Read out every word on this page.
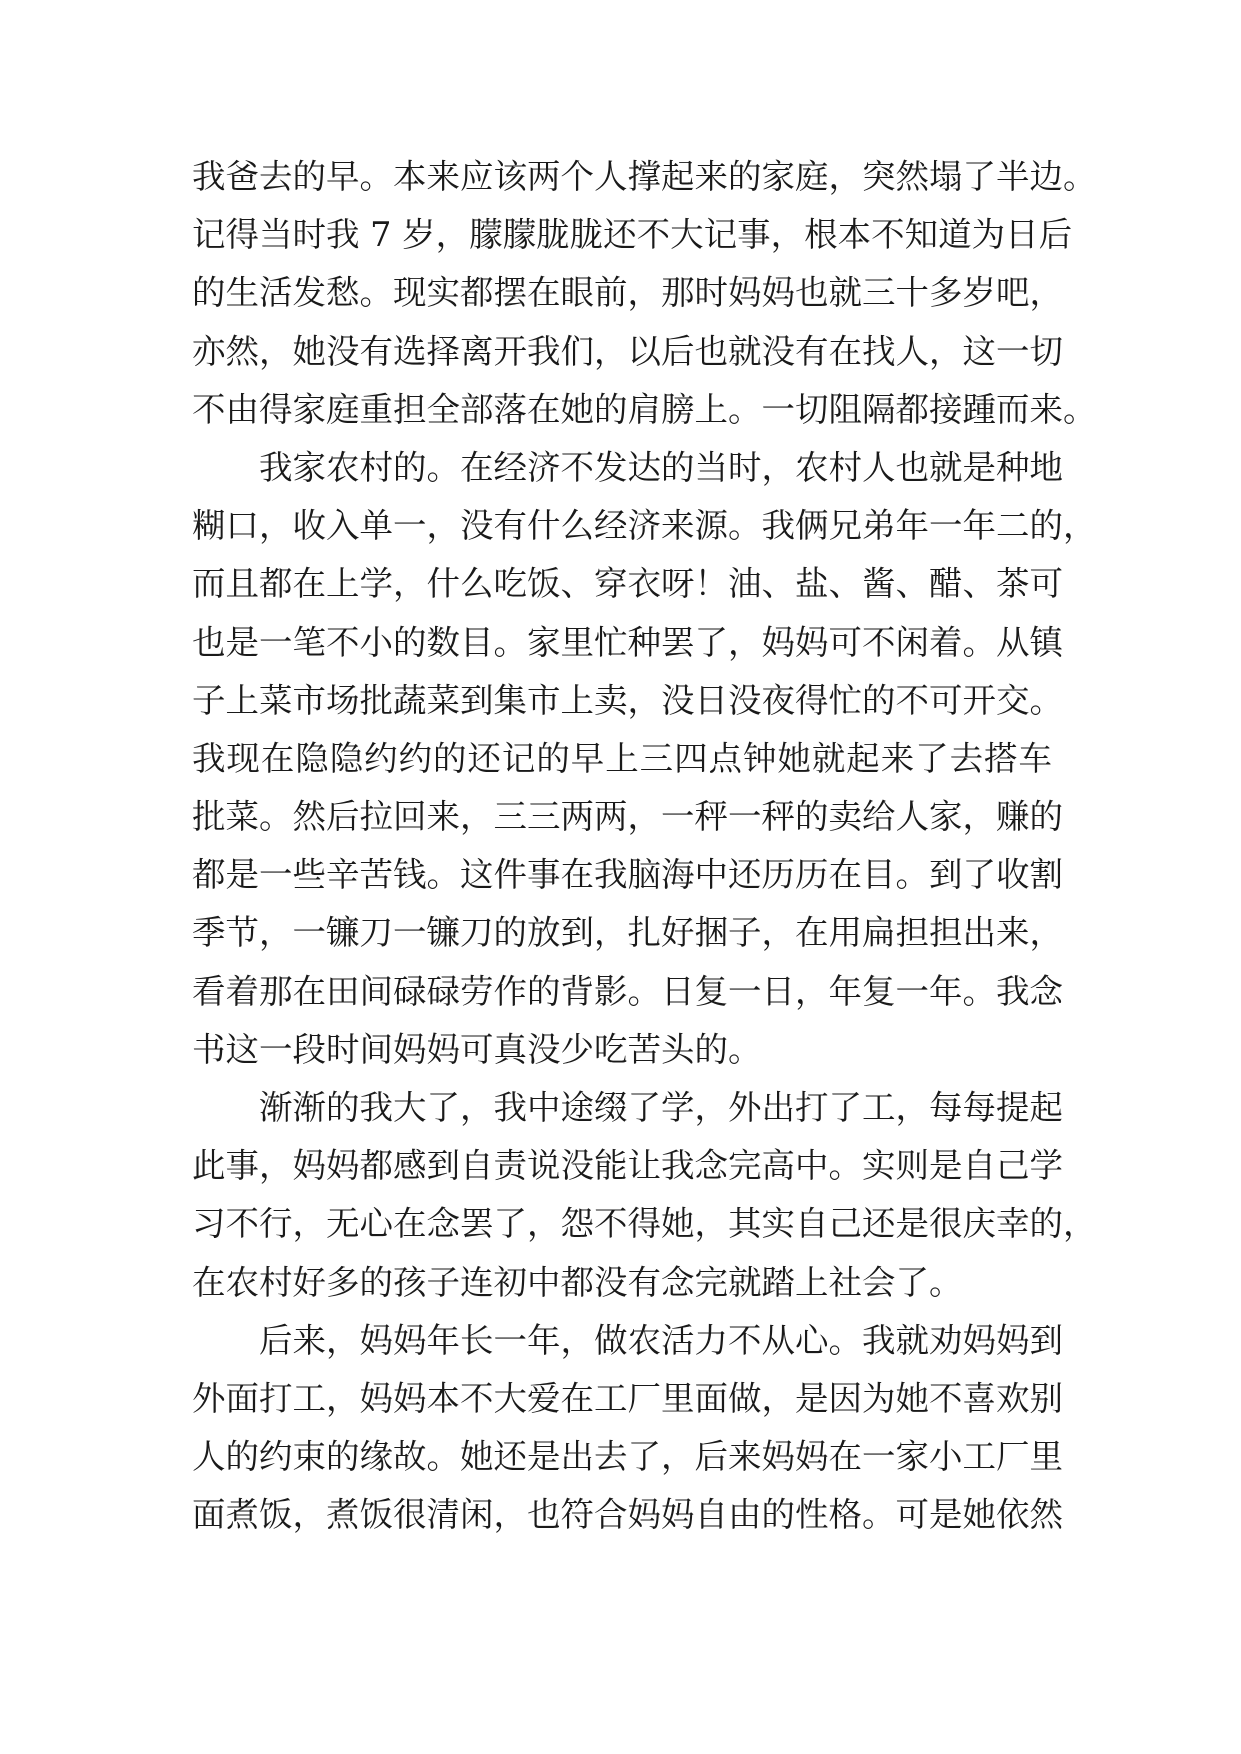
我爸去的早。本来应该两个人撑起来的家庭，突然塌了半边。
记得当时我 7 岁，朦朦胧胧还不大记事，根本不知道为日后
的生活发愁。现实都摆在眼前，那时妈妈也就三十多岁吧，
亦然，她没有选择离开我们，以后也就没有在找人，这一切
不由得家庭重担全部落在她的肩膀上。一切阻隔都接踵而来。
我家农村的。在经济不发达的当时，农村人也就是种地
糊口，收入单一，没有什么经济来源。我俩兄弟年一年二的，
而且都在上学，什么吃饭、穿衣呀！油、盐、酱、醋、茶可
也是一笔不小的数目。家里忙种罢了，妈妈可不闲着。从镇
子上菜市场批蔬菜到集市上卖，没日没夜得忙的不可开交。
我现在隐隐约约的还记的早上三四点钟她就起来了去搭车
批菜。然后拉回来，三三两两，一秤一秤的卖给人家，赚的
都是一些辛苦钱。这件事在我脑海中还历历在目。到了收割
季节，一镰刀一镰刀的放到，扎好捆子，在用扁担担出来，
看着那在田间碌碌劳作的背影。日复一日，年复一年。我念
书这一段时间妈妈可真没少吃苦头的。
渐渐的我大了，我中途缀了学，外出打了工，每每提起
此事，妈妈都感到自责说没能让我念完高中。实则是自己学
习不行，无心在念罢了，怨不得她，其实自己还是很庆幸的，
在农村好多的孩子连初中都没有念完就踏上社会了。
后来，妈妈年长一年，做农活力不从心。我就劝妈妈到
外面打工，妈妈本不大爱在工厂里面做，是因为她不喜欢别
人的约束的缘故。她还是出去了，后来妈妈在一家小工厂里
面煮饭，煮饭很清闲，也符合妈妈自由的性格。可是她依然
